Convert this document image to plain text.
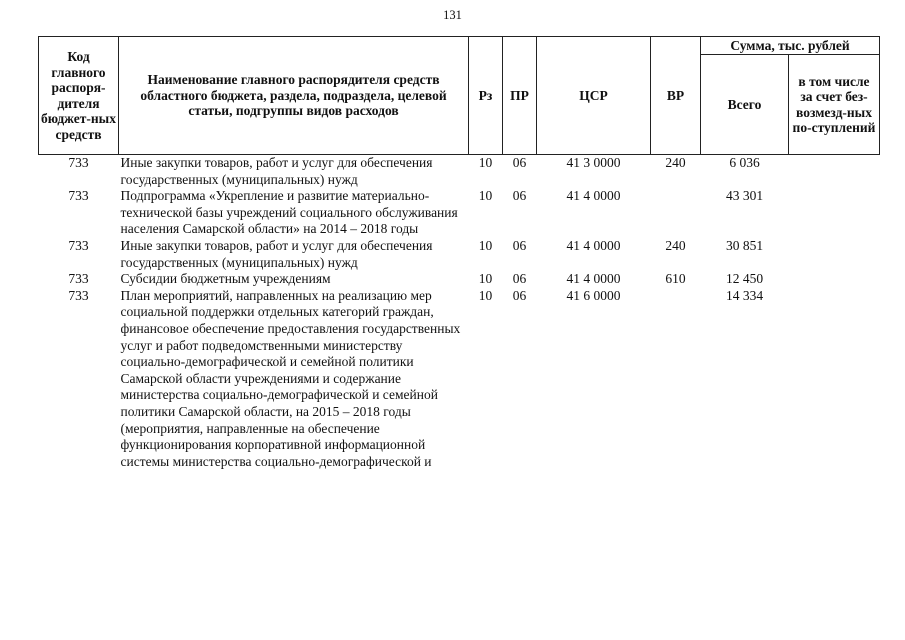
131
Код главного распоря-дителя бюджет-ных средств	Наименование главного распорядителя средств областного бюджета, раздела, подраздела, целевой статьи, подгруппы видов расходов	Рз	ПР	ЦСР	ВР	Сумма, тыс. рублей	
						Всего	в том числе за счет без-возмезд-ных по-ступлений
733	Иные закупки товаров, работ и услуг для обеспечения государственных (муниципальных) нужд	10	06	41 3 0000	240	6 036	
733	Подпрограмма «Укрепление и развитие материально-технической базы учреждений социального обслуживания населения Самарской области» на 2014 – 2018 годы	10	06	41 4 0000		43 301	
733	Иные закупки товаров, работ и услуг для обеспечения государственных (муниципальных) нужд	10	06	41 4 0000	240	30 851	
733	Субсидии бюджетным учреждениям	10	06	41 4 0000	610	12 450	
733	План мероприятий, направленных на реализацию мер социальной поддержки отдельных категорий граждан, финансовое обеспечение предоставления государственных услуг и работ подведомственными министерству социально-демографической и семейной политики Самарской области учреждениями и содержание министерства социально-демографической и семейной политики Самарской области, на 2015 – 2018 годы (мероприятия, направленные на обеспечение функционирования корпоративной информационной системы министерства социально-демографической и	10	06	41 6 0000		14 334	
